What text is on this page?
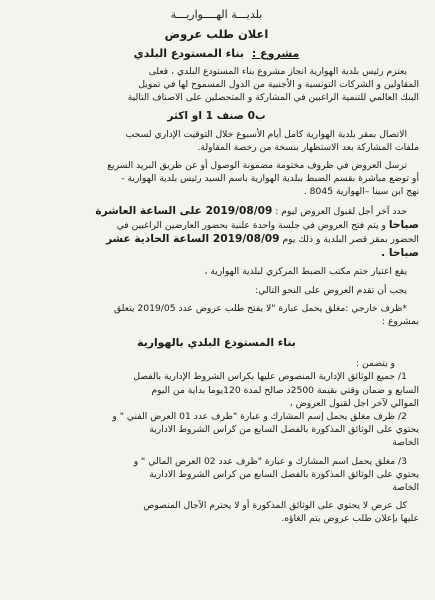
بلديـــة الهــــواريـــة
اعلان طلب عروض
مشروع : بناء المستودع البلدي

يعتزم رئيس بلدية الهوارية انجاز مشروع بناء المستودع البلدي ، فعلى

المقاولين و الشركات التونسية و الأجنبية من الدول المسموح لها في تمويل

البنك العالمي للتنمية الراغبين في المشاركة و المتحصلين على الاصناف التالية

ب0 صنف 1 او اكثر

الاتصال بمقر بلدية الهوارية كامل أيام الأسبوع خلال التوقيت الإداري لسحب

ملفات المشاركة بعد الاستظهار بنسخة من رخصة المقاولة.

ترسل العروض في ظروف مختومة مضمونة الوصول أو عن طريق البريد السريع

أو توضع مباشرة بقسم الضبط ببلدية الهوارية باسم السيد رئيس بلدية الهوارية -

نهج ابن سينا –الهوارية 8045 .

حدد آخر أجل لقبول العروض ليوم : 2019/08/09 على الساعة العاشرة

صباحا و يتم فتح العروض في جلسة واحدة علنية بحضور العارضين الراغبين في

الحضور بمقر قصر البلدية و ذلك يوم 2019/08/09 الساعة الحادية عشر

صباحا .

يقع اعتبار ختم مكتب الضبط المركزي لبلدية الهوارية ،

يجب أن تقدم العروض على النحو التالي:

*ظرف خارجي :مغلق يحمل عبارة "لا يفتح طلب عروض عدد 2019/05 يتعلق

بمشروع :

بناء المستودع البلدي بالهوارية

و يتضمن :

1/ جميع الوثائق الإدارية المنصوص عليها بكراس الشروط الإدارية بالفصل

السابع و ضمان وقتي بقيمة 2500د صالح لمدة 120يوما بداية من اليوم

الموالي لآخر اجل لقبول العروض ،

2/ ظرف مغلق يحمل إسم المشارك و عبارة "ظرف عدد 01 العرض الفني " و

يحتوي على الوثائق المذكورة بالفصل السابع من كراس الشروط الادارية

الخاصة

3/ مغلق يحمل اسم المشارك و عبارة "ظرف عدد 02 العرض المالي " و

يحتوي على الوثائق المذكورة بالفصل السابع من كراس الشروط الادارية

الخاصة

كل عرض لا يحتوي على الوثائق المذكورة أو لا يحترم الآجال المنصوص

عليها بإعلان طلب عروض يتم الغاؤه.
